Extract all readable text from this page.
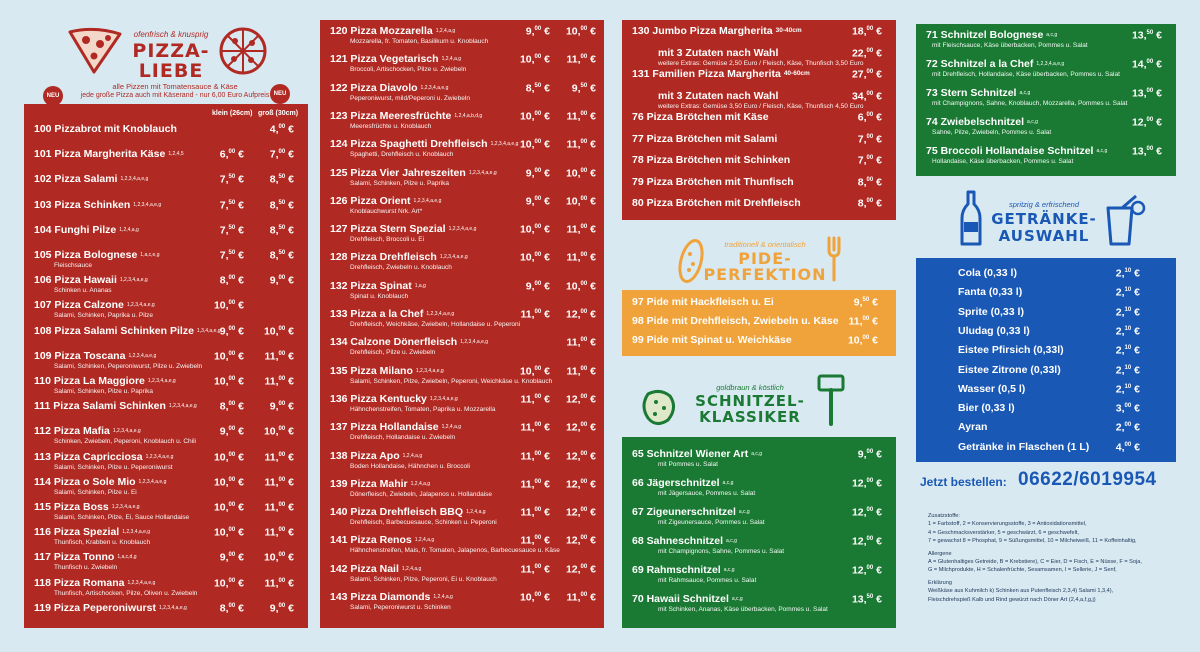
ofenfrisch & knusprig
PIZZA-
LIEBE
alle Pizzen mit Tomatensauce & Käse
jede große Pizza auch mit Käserand - nur 6,00 Euro Aufpreis
NEU	NEU
klein (26cm) groß (30cm)
100 Pizzabrot mit Knoblauch	4,00 €
101 Pizza Margherita Käse 1,2,4,5	6,00 €	7,00 €
102 Pizza Salami 1,2,3,4,a,e,g	7,50 €	8,50 €
103 Pizza Schinken 1,2,3,4,a,e,g	7,50 €	8,50 €
104 Funghi Pilze 1,2,4,a,g	7,50 €	8,50 €
105 Pizza Bolognese 1,a,c,e,g
Fleischsauce
7,50 €	8,50 €
106 Pizza Hawaii 1,2,3,4,a,e,g
Schinken u. Ananas
8,00 €	9,00 €
107 Pizza Calzone 1,2,3,4,a,e,g
Salami, Schinken, Paprika u. Pilze
10,00 €
108 Pizza Salami Schinken Pilze 1,3,4,a,e,g 9,00 €	10,00 €
109 Pizza Toscana 1,2,3,4,a,e,g
Salami, Schinken, Peperoniwurst, Pilze u. Zwiebeln
10,00 €	11,00 €
110 Pizza La Maggiore 1,2,3,4,a,e,g
Salami, Schinken, Pilze u. Paprika
10,00 €	11,00 €
111 Pizza Salami Schinken 1,2,3,4,a,e,g	8,00 €	9,00 €
112 Pizza Mafia 1,2,3,4,a,e,g
Schinken, Zwiebeln, Peperoni, Knoblauch u. Chili
9,00 €	10,00 €
113 Pizza Capricciosa 1,2,3,4,a,e,g
Salami, Schinken, Pilze u. Peperoniwurst
10,00 €	11,00 €
114 Pizza o Sole Mio 1,2,3,4,a,e,g
Salami, Schinken, Pilze u. Ei
10,00 €	11,00 €
115 Pizza Boss 1,2,3,4,a,e,g
Salami, Schinken, Pilze, Ei, Sauce Hollandaise
10,00 €	11,00 €
116 Pizza Spezial 1,2,3,4,a,e,g
Thunfisch, Krabben u. Knoblauch
10,00 €	11,00 €
117 Pizza Tonno 1,a,c,d,g
Thunfisch u. Zwiebeln
9,00 €	10,00 €
118 Pizza Romana 1,2,3,4,a,e,g
Thunfisch, Artischocken, Pilze, Oliven u. Zwiebeln
10,00 €	11,00 €
119 Pizza Peperoniwurst 1,2,3,4,a,e,g	8,00 €	9,00 €
120 Pizza Mozzarella 1,2,4,a,g
Mozzarella, fr. Tomaten, Basilikum u. Knoblauch
9,00 €	10,00 €
121 Pizza Vegetarisch 1,2,4,a,g
Broccoli, Artischocken, Pilze u. Zwiebeln
10,00 €	11,00 €
122 Pizza Diavolo 1,2,3,4,a,e,g
Peperoniwurst, mild/Peperoni u. Zwiebeln
8,50 €	9,50 €
123 Pizza Meeresfrüchte 1,2,4,a,b,d,g
Meeresfrüchte u. Knoblauch
10,00 €	11,00 €
124 Pizza Spaghetti Drehfleisch 1,2,3,4,a,e,g
Spaghetti, Drehfleisch u. Knoblauch
10,00 €	11,00 €
125 Pizza Vier Jahreszeiten 1,2,3,4,a,e,g
Salami, Schinken, Pilze u. Paprika
9,00 €	10,00 €
126 Pizza Orient 1,2,3,4,a,e,g
Knoblauchwurst Nrk. Art*
9,00 €	10,00 €
127 Pizza Stern Spezial 1,2,3,4,a,e,g
Drehfleisch, Broccoli u. Ei
10,00 €	11,00 €
128 Pizza Drehfleisch 1,2,3,4,a,e,g
Drehfleisch, Zwiebeln u. Knoblauch
10,00 €	11,00 €
132 Pizza Spinat 1,a,g
Spinat u. Knoblauch
9,00 €	10,00 €
133 Pizza a la Chef 1,2,3,4,a,e,g
Drehfleisch, Weichkäse, Zwiebeln, Hollandaise u. Peperoni
11,00 €	12,00 €
134 Calzone Dönerfleisch 1,2,3,4,a,e,g
Drehfleisch, Pilze u. Zwiebeln
11,00 €
135 Pizza Milano 1,2,3,4,a,e,g
Salami, Schinken, Pilze, Zwiebeln, Peperoni, Weichkäse u. Knoblauch
10,00 €	11,00 €
136 Pizza Kentucky 1,2,3,4,a,e,g
Hähnchenstreifen, Tomaten, Paprika u. Mozzarella
11,00 €	12,00 €
137 Pizza Hollandaise 1,2,4,a,g
Drehfleisch, Hollandaise u. Zwiebeln
11,00 €	12,00 €
138 Pizza Apo 1,2,4,a,g
Boden Hollandaise, Hähnchen u. Broccoli
11,00 €	12,00 €
139 Pizza Mahir 1,2,4,a,g
Dönerfleisch, Zwiebeln, Jalapenos u. Hollandaise
11,00 €	12,00 €
140 Pizza Drehfleisch BBQ 1,2,4,a,g
Drehfleisch, Barbecuesauce, Schinken u. Peperoni
11,00 €	12,00 €
141 Pizza Renos 1,2,4,a,g
Hähnchenstreifen, Mais, fr. Tomaten, Jalapenos, Barbecuesauce u. Käse
11,00 €	12,00 €
142 Pizza Nail 1,2,4,a,g
Salami, Schinken, Pilze, Peperoni, Ei u. Knoblauch
11,00 €	12,00 €
143 Pizza Diamonds 1,2,4,a,g
Salami, Peperoniwurst u. Schinken
10,00 €	11,00 €
130 Jumbo Pizza Margherita 30-40cm	18,00 €
mit 3 Zutaten nach Wahl
weitere Extras: Gemüse 2,50 Euro / Fleisch, Käse, Thunfisch 3,50 Euro
22,00 €
131 Familien Pizza Margherita 40-60cm	27,00 €
mit 3 Zutaten nach Wahl
weitere Extras: Gemüse 3,50 Euro / Fleisch, Käse, Thunfisch 4,50 Euro
34,00 €
76 Pizza Brötchen mit Käse	6,00 €
77 Pizza Brötchen mit Salami	7,00 €
78 Pizza Brötchen mit Schinken	7,00 €
79 Pizza Brötchen mit Thunfisch	8,00 €
80 Pizza Brötchen mit Drehfleisch	8,00 €
traditionell & orientalisch
PIDE-
PERFEKTION
97 Pide mit Hackfleisch u. Ei	9,50 €
98 Pide mit Drehfleisch, Zwiebeln u. Käse 11,00 €
99 Pide mit Spinat u. Weichkäse	10,00 €
goldbraun & köstlich
SCHNITZEL-
KLASSIKER
65 Schnitzel Wiener Art a,c,g
mit Pommes u. Salat
9,00 €
66 Jägerschnitzel a,c,g
mit Jägersauce, Pommes u. Salat
12,00 €
67 Zigeunerschnitzel a,c,g
mit Zigeunersauce, Pommes u. Salat
12,00 €
68 Sahneschnitzel a,c,g
mit Champignons, Sahne, Pommes u. Salat
12,00 €
69 Rahmschnitzel a,c,g
mit Rahmsauce, Pommes u. Salat
12,00 €
70 Hawaii Schnitzel a,c,g
mit Schinken, Ananas, Käse überbacken, Pommes u. Salat
13,50 €
71 Schnitzel Bolognese a,c,g
mit Fleischsauce, Käse überbacken, Pommes u. Salat
13,50 €
72 Schnitzel a la Chef 1,2,3,4,a,e,g
mit Drehfleisch, Hollandaise, Käse überbacken, Pommes u. Salat
14,00 €
73 Stern Schnitzel a,c,g
mit Champignons, Sahne, Knoblauch, Mozzarella, Pommes u. Salat
13,00 €
74 Zwiebelschnitzel a,c,g
Sahne, Pilze, Zwiebeln, Pommes u. Salat
12,00 €
75 Broccoli Hollandaise Schnitzel a,c,g
Hollandaise, Käse überbacken, Pommes u. Salat
13,00 €
spritzig & erfrischend
GETRÄNKE-
AUSWAHL
Cola (0,33 l)	2,10 €
Fanta (0,33 l)	2,10 €
Sprite (0,33 l)	2,10 €
Uludag (0,33 l)	2,10 €
Eistee Pfirsich (0,33l)	2,10 €
Eistee Zitrone (0,33l)	2,10 €
Wasser (0,5 l)	2,10 €
Bier (0,33 l)	3,00 €
Ayran	2,00 €
Getränke in Flaschen (1 L)	4,00 €
Jetzt bestellen: 06622/6019954
Zusatzstoffe:
1 = Farbstoff, 2 = Konservierungsstoffe, 3 = Antioxidationsmittel,
4 = Geschmacksverstärker, 5 = geschwärzt, 6 = geschwefelt,
7 = gewachst 8 = Phosphat, 9 = Süßungsmittel, 10 = Milcheiweiß, 11 = Koffeinhaltig,
Allergene
A = Glutenhaltiges Getreide, B = Krebstiere), C = Eier, D = Fisch, E = Nüsse, F = Soja,
G = Milchprodukte, H = Schalenfrüchte, Sesamsamen, I = Sellerie, J = Senf,
Erklärung
Weißkäse aus Kuhmilch k) Schinken aus Putenfleisch 2,3,4) Salami 1,3,4),
Fleischdrehspieß Kalb und Rind gewürzt nach Döner Art (2,4,a,f,g,j)
